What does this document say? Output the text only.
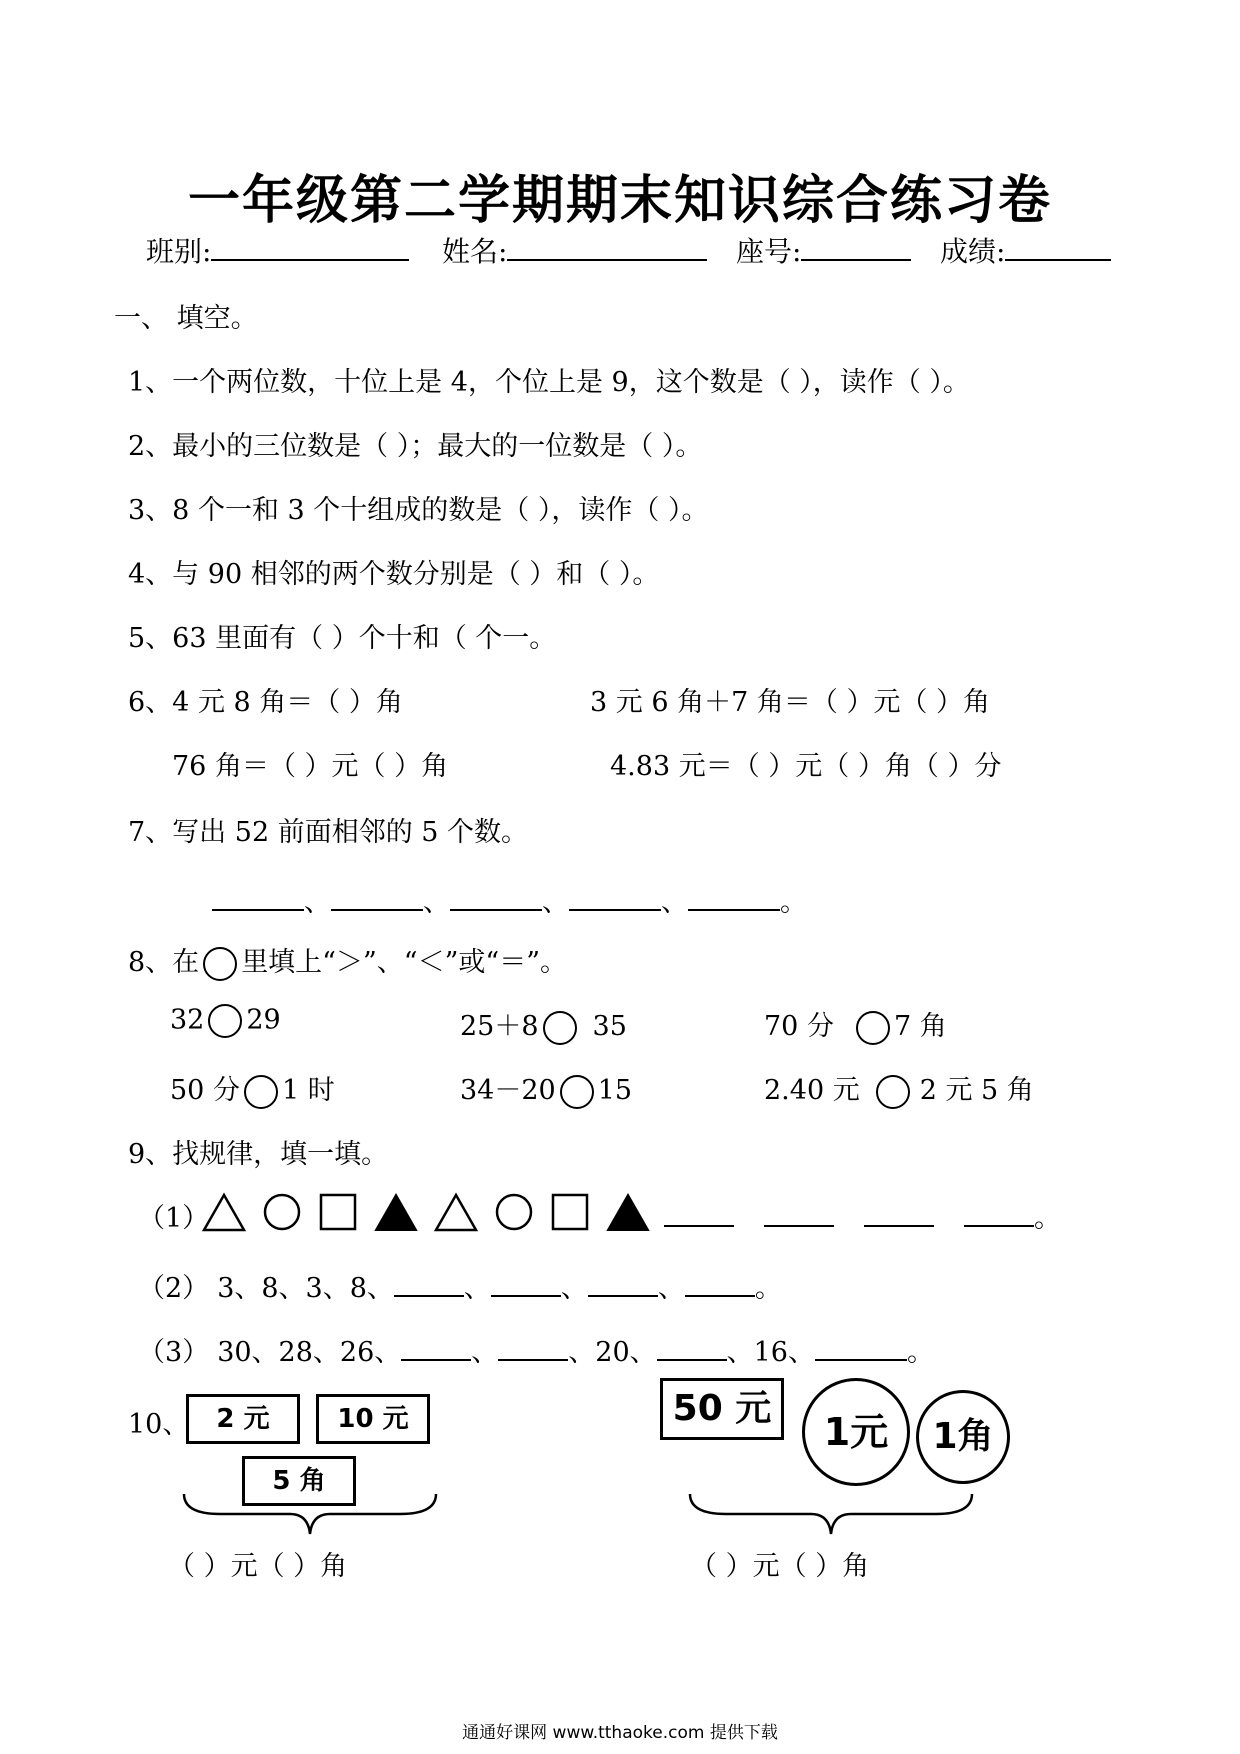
一年级第二学期期末知识综合练习卷
班别:	姓名:	座号:	成绩:
一、 填空。
1、一个两位数，十位上是 4，个位上是 9，这个数是（ ），读作（ ）。
2、最小的三位数是（ ）；最大的一位数是（ ）。
3、8 个一和 3 个十组成的数是（ ），读作（ ）。
4、与 90 相邻的两个数分别是（ ）和（ ）。
5、63 里面有（ ）个十和（ 个一。
6、4 元 8 角＝（ ）角	3 元 6 角＋7 角＝（ ）元（ ）角
76 角＝（ ）元（ ）角	4.83 元＝（ ）元（ ）角（ ）分
7、写出 52 前面相邻的 5 个数。
、	、	、	、	。
8、在 里填上“＞”、“＜”或“＝”。
32 29	25＋8 35	70 分 7 角
50 分 1 时	34－20 15	2.40 元 2 元 5 角
9、找规律，填一填。
（1）	。
（2） 3、8、3、8、	、	、	、	。
（3） 30、28、26、	、	、20、	、16、	。
10、	2 元	10 元
5 角
（ ）元（ ）角
50 元
1元	1角
（ ）元（ ）角
通通好课网 www.tthaoke.com 提供下载
